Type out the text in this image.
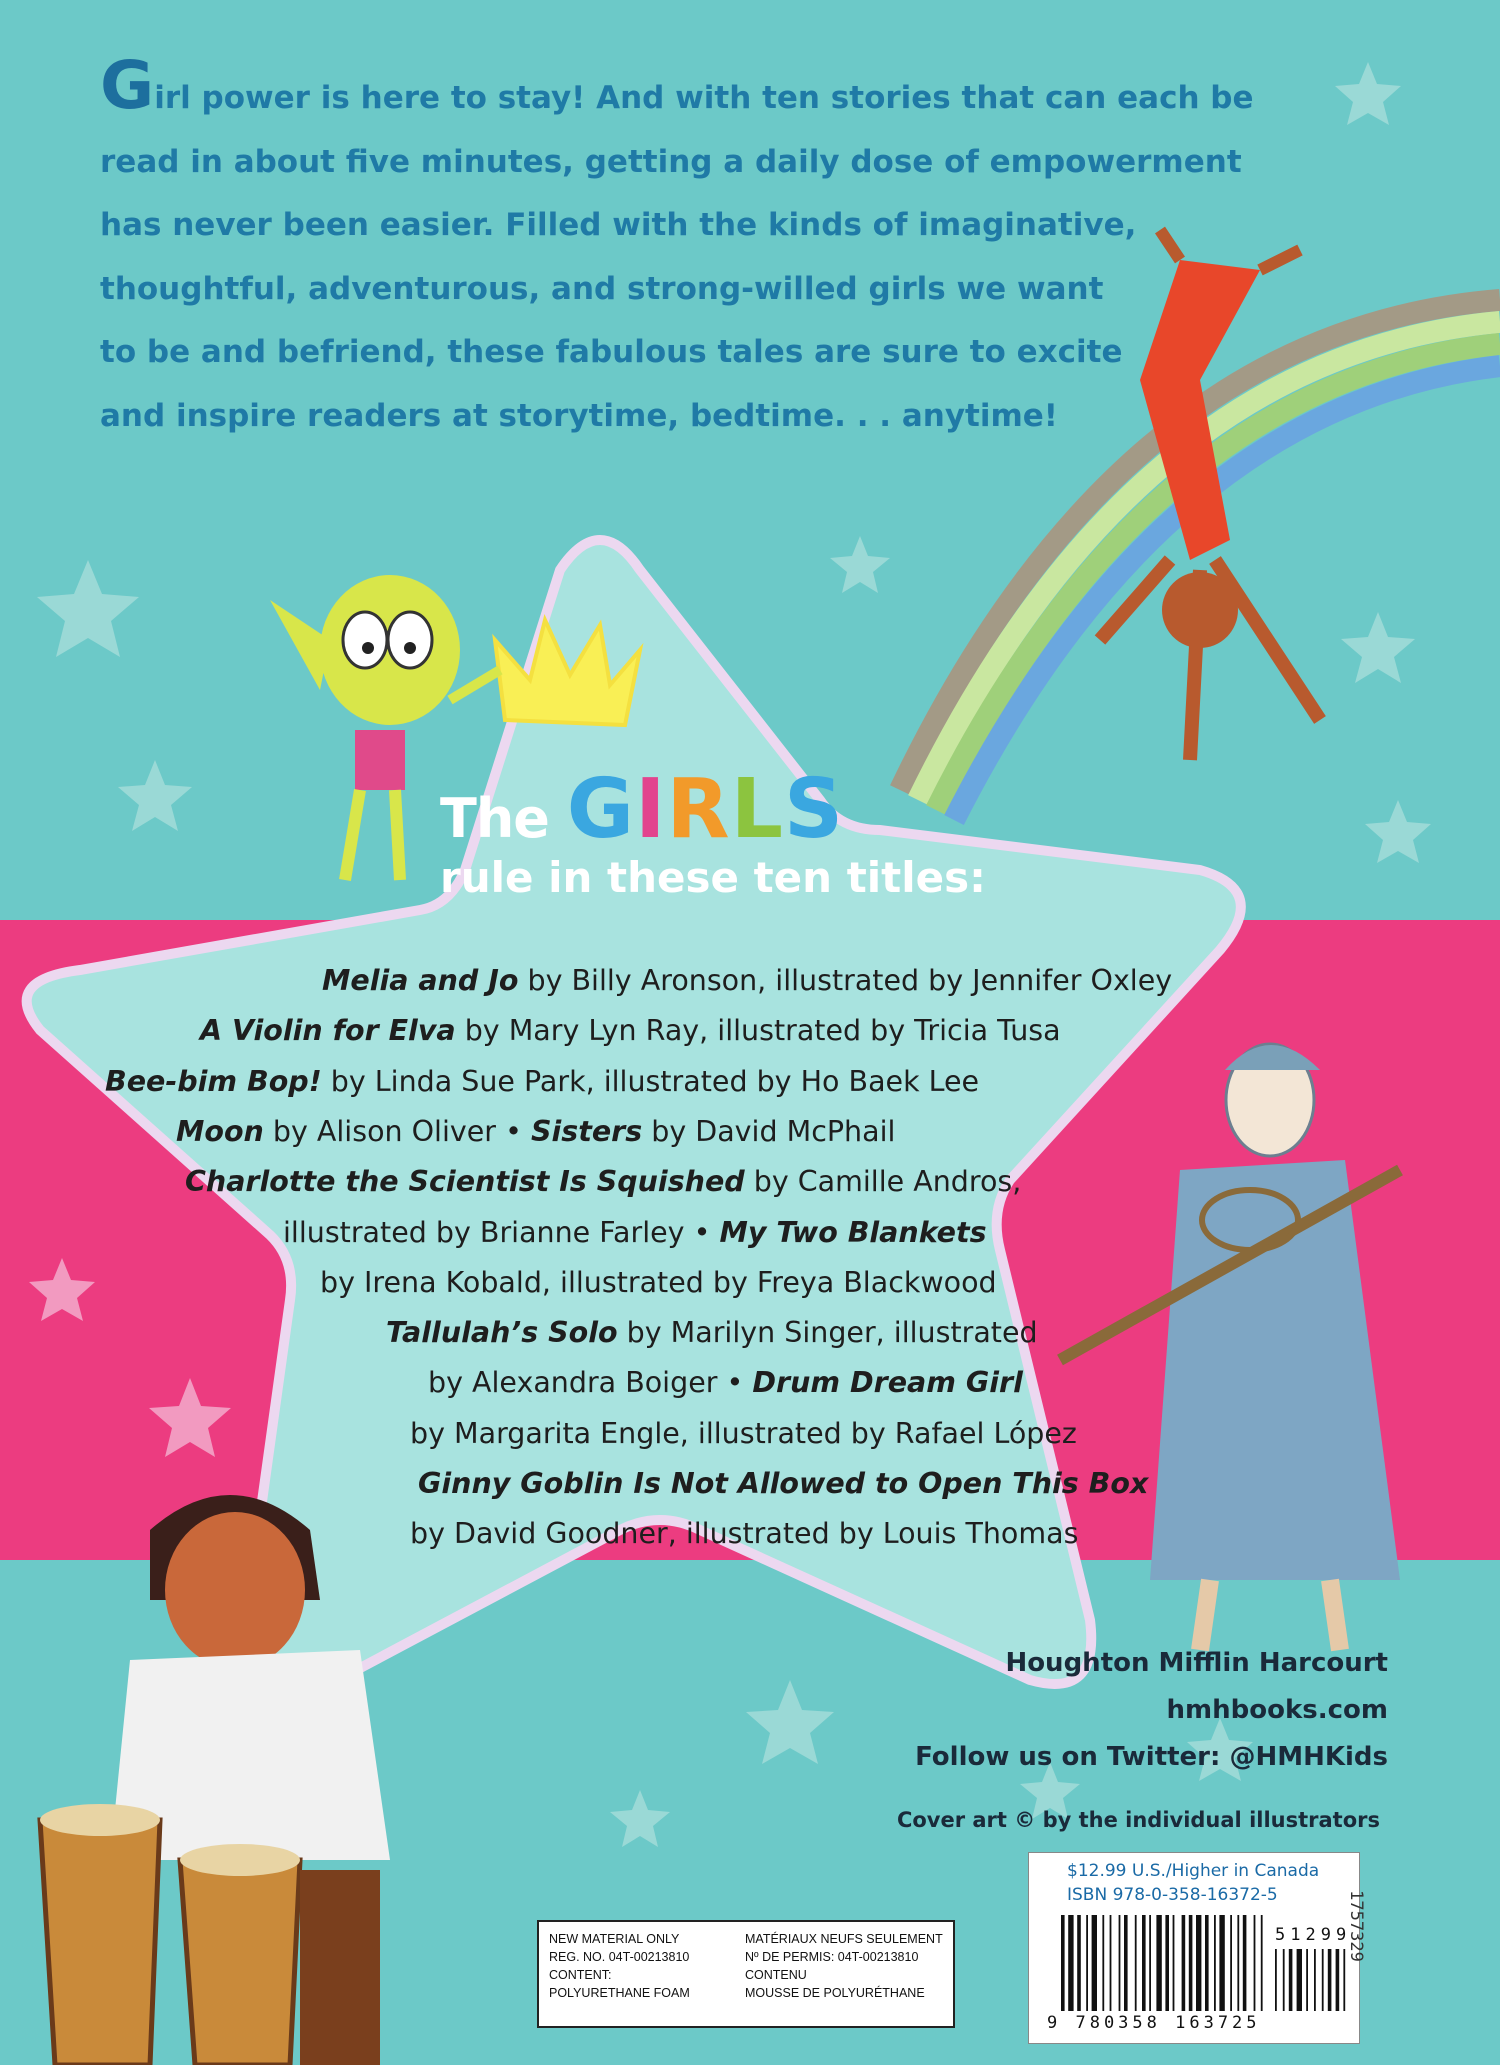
Girl power is here to stay! And with ten stories that can each be
read in about five minutes, getting a daily dose of empowerment
has never been easier. Filled with the kinds of imaginative,
thoughtful, adventurous, and strong-willed girls we want
to be and befriend, these fabulous tales are sure to excite
and inspire readers at storytime, bedtime. . . anytime!
The GIRLS
rule in these ten titles:
Melia and Jo by Billy Aronson, illustrated by Jennifer Oxley
A Violin for Elva by Mary Lyn Ray, illustrated by Tricia Tusa
Bee-bim Bop! by Linda Sue Park, illustrated by Ho Baek Lee
Moon by Alison Oliver • Sisters by David McPhail
Charlotte the Scientist Is Squished by Camille Andros,
illustrated by Brianne Farley • My Two Blankets
by Irena Kobald, illustrated by Freya Blackwood
Tallulah’s Solo by Marilyn Singer, illustrated
by Alexandra Boiger • Drum Dream Girl
by Margarita Engle, illustrated by Rafael López
Ginny Goblin Is Not Allowed to Open This Box
by David Goodner, illustrated by Louis Thomas
Houghton Mifflin Harcourt
hmhbooks.com
Follow us on Twitter: @HMHKids
Cover art © by the individual illustrators
$12.99 U.S./Higher in Canada
ISBN 978-0-358-16372-5
51299
9 780358 163725
1757329
NEW MATERIAL ONLY
REG. NO. 04T-00213810
CONTENT:
POLYURETHANE FOAM
MATÉRIAUX NEUFS SEULEMENT
Nº DE PERMIS: 04T-00213810
CONTENU
MOUSSE DE POLYURÉTHANE
